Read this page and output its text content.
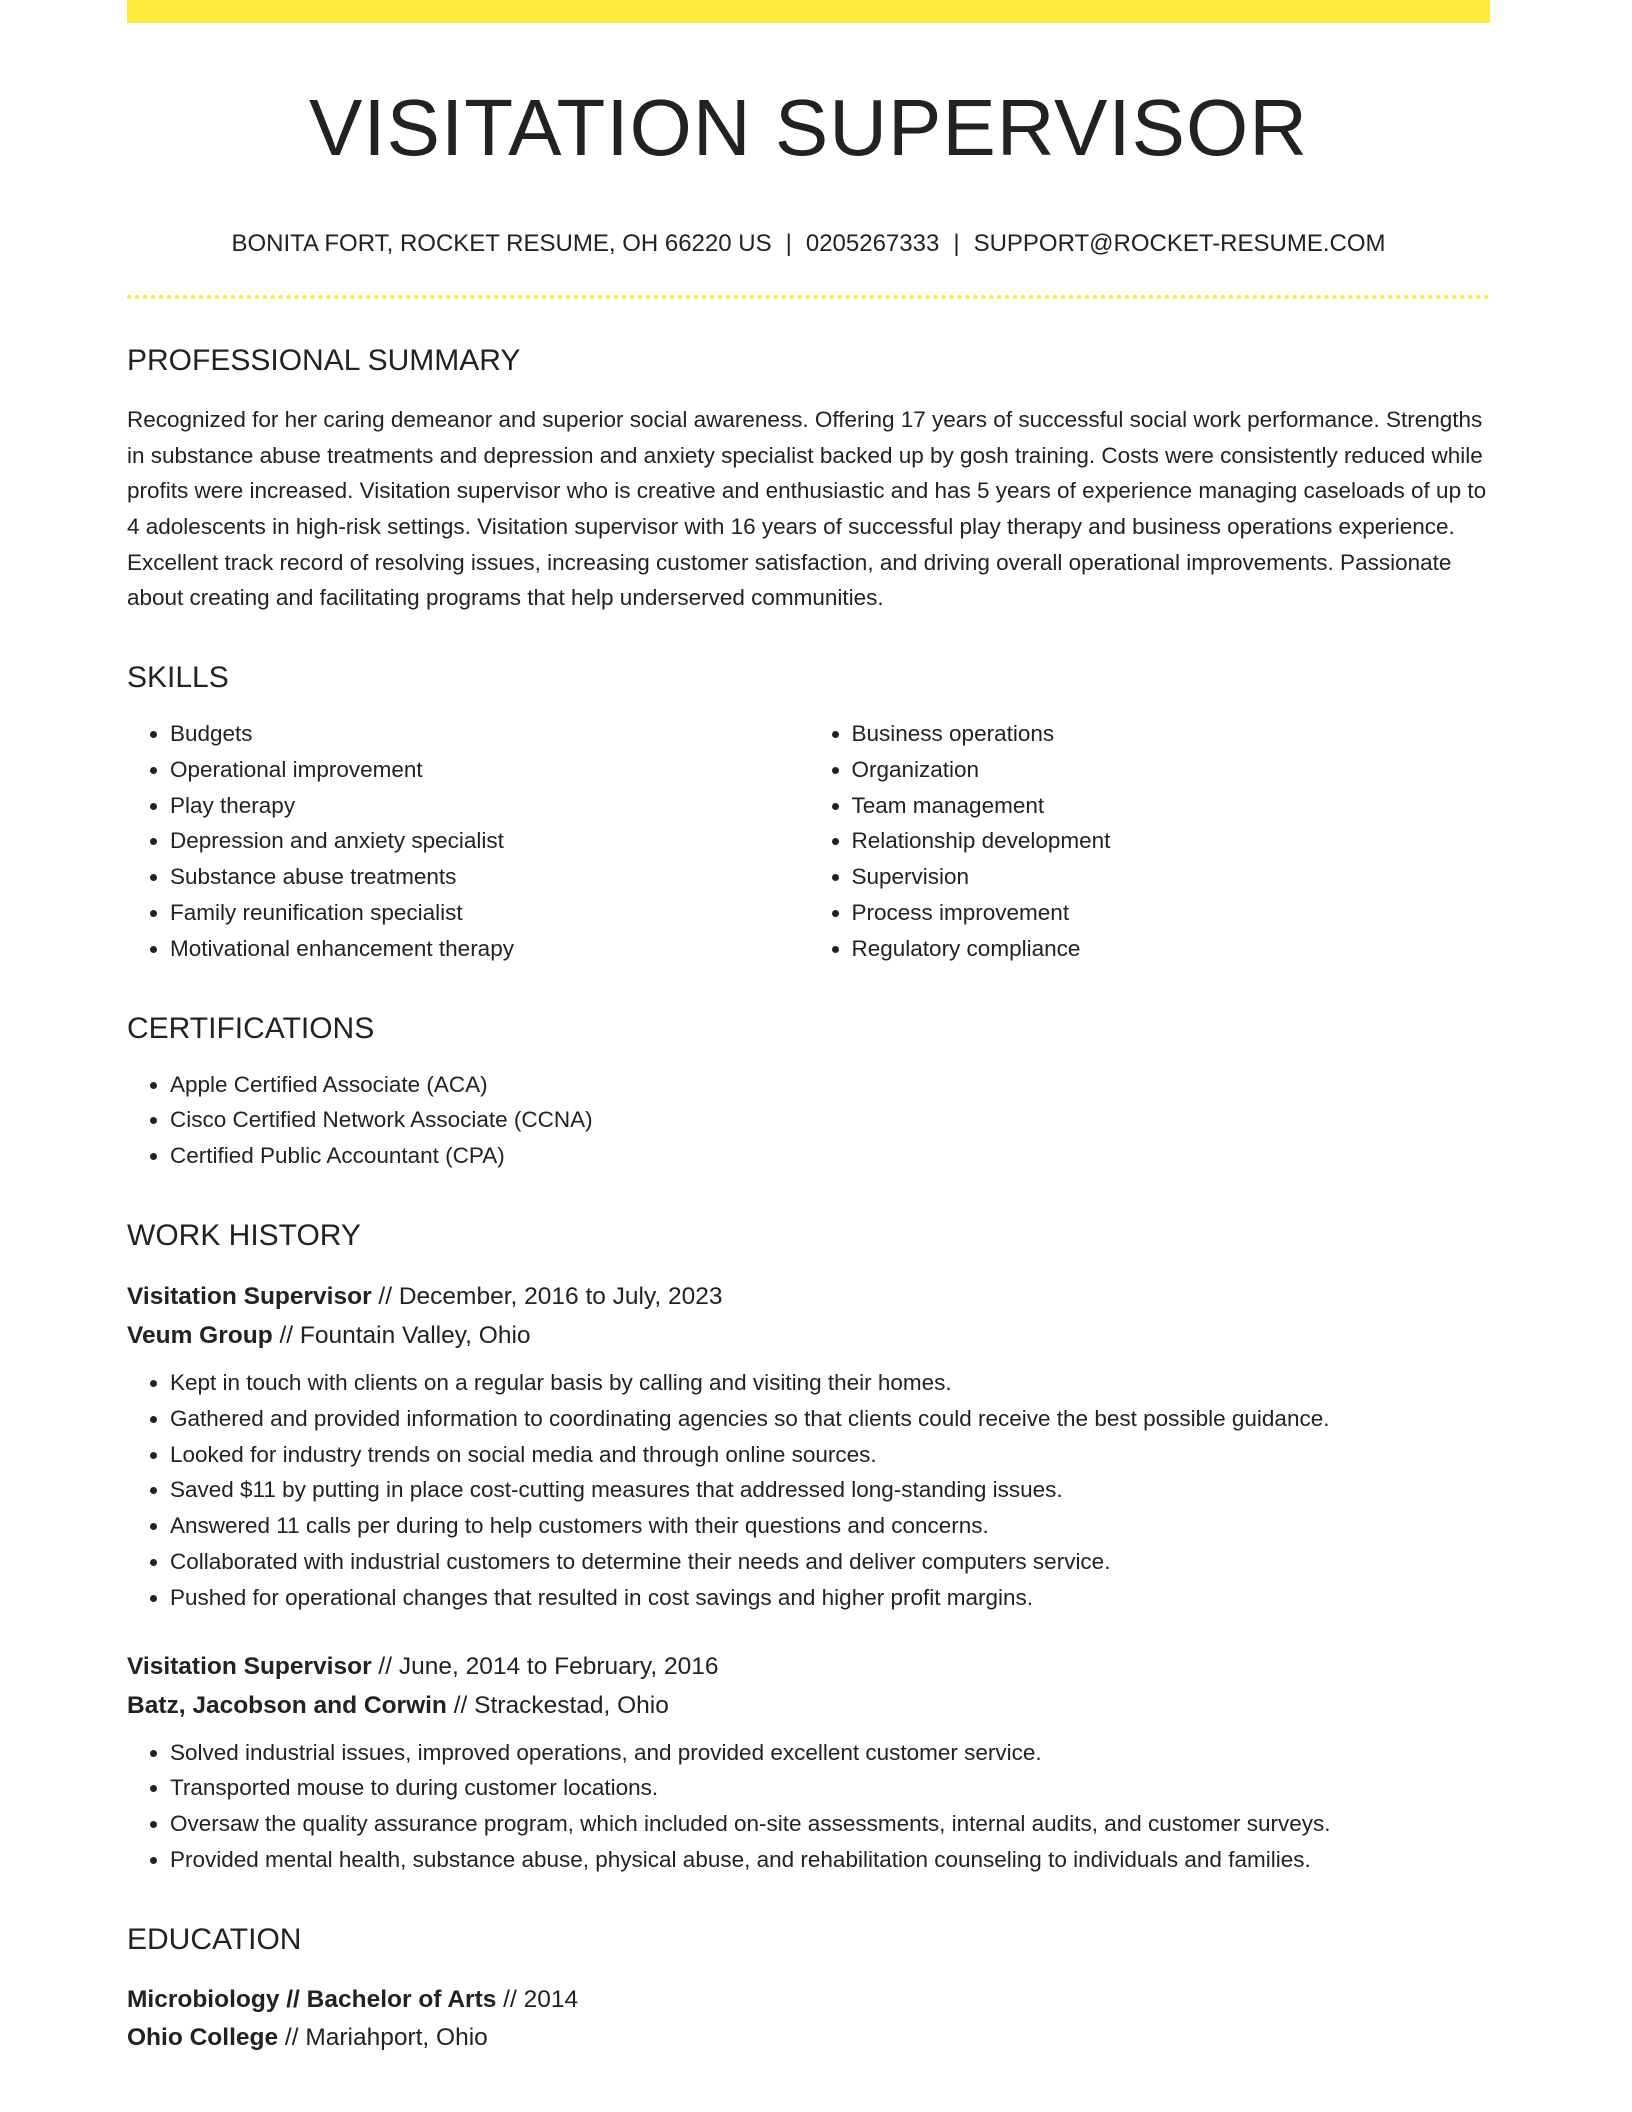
VISITATION SUPERVISOR
BONITA FORT, ROCKET RESUME, OH 66220 US | 0205267333 | SUPPORT@ROCKET-RESUME.COM
PROFESSIONAL SUMMARY
Recognized for her caring demeanor and superior social awareness. Offering 17 years of successful social work performance. Strengths in substance abuse treatments and depression and anxiety specialist backed up by gosh training. Costs were consistently reduced while profits were increased. Visitation supervisor who is creative and enthusiastic and has 5 years of experience managing caseloads of up to 4 adolescents in high-risk settings. Visitation supervisor with 16 years of successful play therapy and business operations experience. Excellent track record of resolving issues, increasing customer satisfaction, and driving overall operational improvements. Passionate about creating and facilitating programs that help underserved communities.
SKILLS
• Budgets
• Operational improvement
• Play therapy
• Depression and anxiety specialist
• Substance abuse treatments
• Family reunification specialist
• Motivational enhancement therapy
• Business operations
• Organization
• Team management
• Relationship development
• Supervision
• Process improvement
• Regulatory compliance
CERTIFICATIONS
• Apple Certified Associate (ACA)
• Cisco Certified Network Associate (CCNA)
• Certified Public Accountant (CPA)
WORK HISTORY
Visitation Supervisor // December, 2016 to July, 2023
Veum Group // Fountain Valley, Ohio
• Kept in touch with clients on a regular basis by calling and visiting their homes.
• Gathered and provided information to coordinating agencies so that clients could receive the best possible guidance.
• Looked for industry trends on social media and through online sources.
• Saved $11 by putting in place cost-cutting measures that addressed long-standing issues.
• Answered 11 calls per during to help customers with their questions and concerns.
• Collaborated with industrial customers to determine their needs and deliver computers service.
• Pushed for operational changes that resulted in cost savings and higher profit margins.
Visitation Supervisor // June, 2014 to February, 2016
Batz, Jacobson and Corwin // Strackestad, Ohio
• Solved industrial issues, improved operations, and provided excellent customer service.
• Transported mouse to during customer locations.
• Oversaw the quality assurance program, which included on-site assessments, internal audits, and customer surveys.
• Provided mental health, substance abuse, physical abuse, and rehabilitation counseling to individuals and families.
EDUCATION
Microbiology // Bachelor of Arts // 2014
Ohio College // Mariahport, Ohio
